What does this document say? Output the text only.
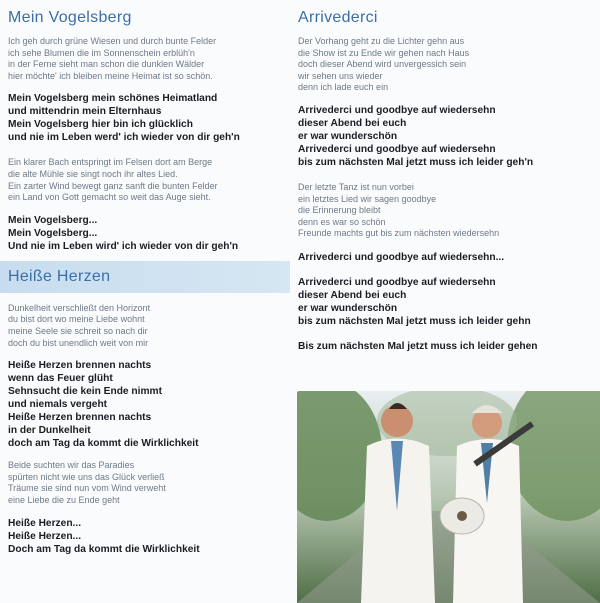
Mein Vogelsberg
Ich geh durch grüne Wiesen und durch bunte Felder
ich sehe Blumen die im Sonnenschein erblüh'n
in der Ferne sieht man schon die dunklen Wälder
hier möchte' ich bleiben meine Heimat ist so schön.
Mein Vogelsberg mein schönes Heimatland
und mittendrin mein Elternhaus
Mein Vogelsberg hier bin ich glücklich
und nie im Leben werd' ich wieder von dir geh'n
Ein klarer Bach entspringt im Felsen dort am Berge
die alte Mühle sie singt noch ihr altes Lied.
Ein zarter Wind bewegt ganz sanft die bunten Felder
ein Land von Gott gemacht so weit das Auge sieht.
Mein Vogelsberg...
Mein Vogelsberg...
Und nie im Leben wird' ich wieder von dir geh'n
Heiße Herzen
Dunkelheit verschließt den Horizont
du bist dort wo meine Liebe wohnt
meine Seele sie schreit so nach dir
doch du bist unendlich weit von mir
Heiße Herzen brennen nachts
wenn das Feuer glüht
Sehnsucht die kein Ende nimmt
und niemals vergeht
Heiße Herzen brennen nachts
in der Dunkelheit
doch am Tag da kommt die Wirklichkeit
Beide suchten wir das Paradies
spürten nicht wie uns das Glück verließ
Träume sie sind nun vom Wind verweht
eine Liebe die zu Ende geht
Heiße Herzen...
Heiße Herzen...
Doch am Tag da kommt die Wirklichkeit
Arrivederci
Der Vorhang geht zu die Lichter gehn aus
die Show ist zu Ende wir gehen nach Haus
doch dieser Abend wird unvergessich sein
wir sehen uns wieder
denn ich lade euch ein
Arrivederci und goodbye auf wiedersehn
dieser Abend bei euch
er war wunderschön
Arrivederci und goodbye auf wiedersehn
bis zum nächsten Mal jetzt muss ich leider geh'n
Der letzte Tanz ist nun vorbei
ein letztes Lied wir sagen goodbye
die Erinnerung bleibt
denn es war so schön
Freunde machts gut bis zum nächsten wiedersehn
Arrivederci und goodbye auf wiedersehn...
Arrivederci und goodbye auf wiedersehn
dieser Abend bei euch
er war wunderschön
bis zum nächsten Mal jetzt muss ich leider gehn
Bis zum nächsten Mal jetzt muss ich leider gehen
